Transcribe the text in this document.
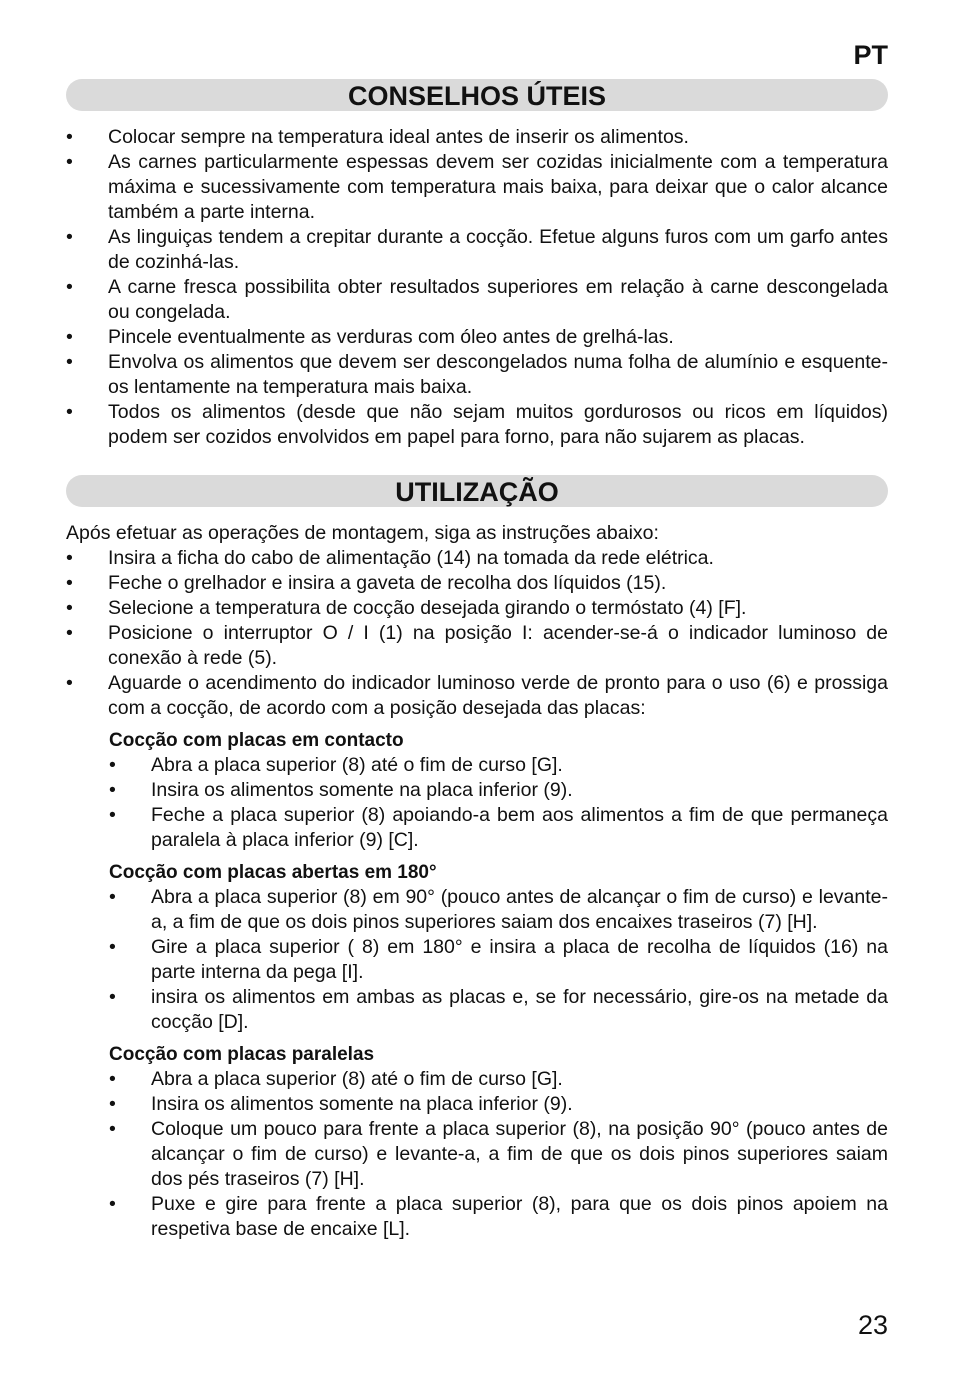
PT
CONSELHOS ÚTEIS
• Colocar sempre na temperatura ideal antes de inserir os alimentos.
• As carnes particularmente espessas devem ser cozidas inicialmente com a temperatura máxima e sucessivamente com temperatura mais baixa, para deixar que o calor alcance também a parte interna.
• As linguiças tendem a crepitar durante a cocção. Efetue alguns furos com um garfo antes de cozinhá-las.
• A carne fresca possibilita obter resultados superiores em relação à carne descongelada ou congelada.
• Pincele eventualmente as verduras com óleo antes de grelhá-las.
• Envolva os alimentos que devem ser descongelados numa folha de alumínio e esquente-os lentamente na temperatura mais baixa.
• Todos os alimentos (desde que não sejam muitos gordurosos ou ricos em líquidos) podem ser cozidos envolvidos em papel para forno, para não sujarem as placas.
UTILIZAÇÃO

Após efetuar as operações de montagem, siga as instruções abaixo:

• Insira a ficha do cabo de alimentação (14) na tomada da rede elétrica.
• Feche o grelhador e insira a gaveta de recolha dos líquidos (15).
• Selecione a temperatura de cocção desejada girando o termóstato (4) [F].
• Posicione o interruptor O / I (1) na posição I: acender-se-á o indicador luminoso de conexão à rede (5).
• Aguarde o acendimento do indicador luminoso verde de pronto para o uso (6) e prossiga com a cocção, de acordo com a posição desejada das placas:
Cocção com placas em contacto
• Abra a placa superior (8) até o fim de curso [G].
• Insira os alimentos somente na placa inferior (9).
• Feche a placa superior (8) apoiando-a bem aos alimentos a fim de que permaneça paralela à placa inferior (9) [C].
Cocção com placas abertas em 180°
• Abra a placa superior (8) em 90° (pouco antes de alcançar o fim de curso) e levante-a, a fim de que os dois pinos superiores saiam dos encaixes traseiros (7) [H].
• Gire a placa superior ( 8) em 180° e insira a placa de recolha de líquidos (16) na parte interna da pega [I].
• insira os alimentos em ambas as placas e, se for necessário, gire-os na metade da cocção [D].
Cocção com placas paralelas
• Abra a placa superior (8) até o fim de curso [G].
• Insira os alimentos somente na placa inferior (9).
• Coloque um pouco para frente a placa superior (8), na posição 90° (pouco antes de alcançar o fim de curso) e levante-a, a fim de que os dois pinos superiores saiam dos pés traseiros (7) [H].
• Puxe e gire para frente a placa superior (8), para que os dois pinos apoiem na respetiva base de encaixe [L].
23
